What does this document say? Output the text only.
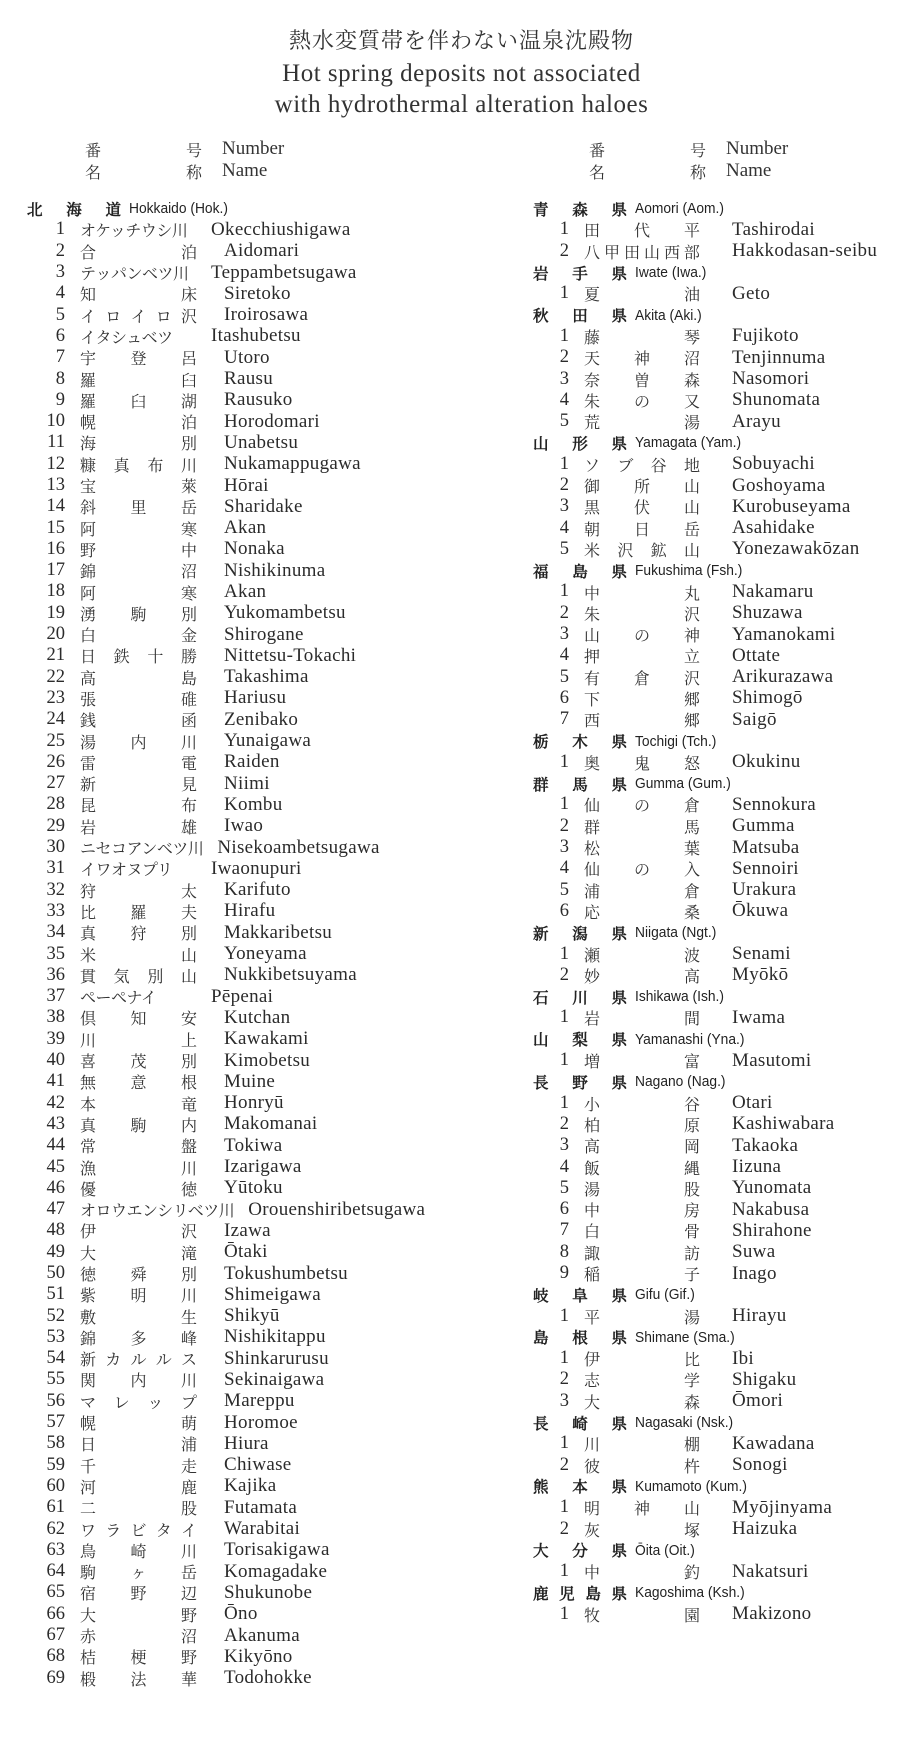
熱水変質帯を伴わない温泉沈殿物
Hot spring deposits not associated
with hydrothermal alteration haloes
番	号 Number
名	称 Name
北 海 道 Hokkaido (Hok.)
1 オケッチウシ川	Okecchiushigawa
2 合	泊 Aidomari
3 テッパンベツ川	Teppambetsugawa
4 知	床 Siretoko
5 イ ロ イ ロ 沢 Iroirosawa
6 イタシュベツ	Itashubetsu
7 宇 登 呂 Utoro
8 羅	臼 Rausu
9 羅 臼 湖 Rausuko
10 幌	泊 Horodomari
11 海	別 Unabetsu
12 糠 真 布 川 Nukamappugawa
13 宝	萊 Hōrai
14 斜 里 岳 Sharidake
15 阿	寒 Akan
16 野	中 Nonaka
17 錦	沼 Nishikinuma
18 阿	寒 Akan
19 湧 駒 別 Yukomambetsu
20 白	金 Shirogane
21 日 鉄 十 勝 Nittetsu-Tokachi
22 高	島 Takashima
23 張	碓 Hariusu
24 銭	函 Zenibako
25 湯 内 川 Yunaigawa
26 雷	電 Raiden
27 新	見 Niimi
28 昆	布 Kombu
29 岩	雄 Iwao
30 ニセコアンベツ川 Nisekoambetsugawa
31 イワオヌプリ	Iwaonupuri
32 狩	太 Karifuto
33 比 羅 夫 Hirafu
34 真 狩 別 Makkaribetsu
35 米	山 Yoneyama
36 貫 気 別 山 Nukkibetsuyama
37 ペーペナイ	Pēpenai
38 倶 知 安 Kutchan
39 川	上 Kawakami
40 喜 茂 別 Kimobetsu
41 無 意 根 Muine
42 本	竜 Honryū
43 真 駒 内 Makomanai
44 常	盤 Tokiwa
45 漁	川 Izarigawa
46 優	徳 Yūtoku
47 オロウエンシリベツ川 Orouenshiribetsugawa
48 伊	沢 Izawa
49 大	滝 Ōtaki
50 徳 舜 別 Tokushumbetsu
51 紫 明 川 Shimeigawa
52 敷	生 Shikyū
53 錦 多 峰 Nishikitappu
54 新 カ ル ル ス Shinkarurusu
55 関 内 川 Sekinaigawa
56 マ レ ッ プ Mareppu
57 幌	萌 Horomoe
58 日	浦 Hiura
59 千	走 Chiwase
60 河	鹿 Kajika
61 二	股 Futamata
62 ワ ラ ビ タ イ Warabitai
63 鳥 崎 川 Torisakigawa
64 駒 ヶ 岳 Komagadake
65 宿 野 辺 Shukunobe
66 大	野 Ōno
67 赤	沼 Akanuma
68 桔 梗 野 Kikyōno
69 椴 法 華 Todohokke
番	号 Number
名	称 Name
青 森 県 Aomori (Aom.)
1 田 代 平 Tashirodai
2 八 甲 田 山 西 部 Hakkodasan-seibu
岩 手 県 Iwate (Iwa.)
1 夏	油 Geto
秋 田 県 Akita (Aki.)
1 藤	琴 Fujikoto
2 天 神 沼 Tenjinnuma
3 奈 曽 森 Nasomori
4 朱 の 又 Shunomata
5 荒	湯 Arayu
山 形 県 Yamagata (Yam.)
1 ソ ブ 谷 地 Sobuyachi
2 御 所 山 Goshoyama
3 黒 伏 山 Kurobuseyama
4 朝 日 岳 Asahidake
5 米 沢 鉱 山 Yonezawakōzan
福 島 県 Fukushima (Fsh.)
1 中	丸 Nakamaru
2 朱	沢 Shuzawa
3 山 の 神 Yamanokami
4 押	立 Ottate
5 有 倉 沢 Arikurazawa
6 下	郷 Shimogō
7 西	郷 Saigō
栃 木 県 Tochigi (Tch.)
1 奥 鬼 怒 Okukinu
群 馬 県 Gumma (Gum.)
1 仙 の 倉 Sennokura
2 群	馬 Gumma
3 松	葉 Matsuba
4 仙 の 入 Sennoiri
5 浦	倉 Urakura
6 応	桑 Ōkuwa
新 潟 県 Niigata (Ngt.)
1 瀬	波 Senami
2 妙	高 Myōkō
石 川 県 Ishikawa (Ish.)
1 岩	間 Iwama
山 梨 県 Yamanashi (Yna.)
1 増	富 Masutomi
長 野 県 Nagano (Nag.)
1 小	谷 Otari
2 柏	原 Kashiwabara
3 高	岡 Takaoka
4 飯	縄 Iizuna
5 湯	股 Yunomata
6 中	房 Nakabusa
7 白	骨 Shirahone
8 諏	訪 Suwa
9 稲	子 Inago
岐 阜 県 Gifu (Gif.)
1 平	湯 Hirayu
島 根 県 Shimane (Sma.)
1 伊	比 Ibi
2 志	学 Shigaku
3 大	森 Ōmori
長 崎 県 Nagasaki (Nsk.)
1 川	棚 Kawadana
2 彼	杵 Sonogi
熊 本 県 Kumamoto (Kum.)
1 明 神 山 Myōjinyama
2 灰	塚 Haizuka
大 分 県 Ōita (Oit.)
1 中	釣 Nakatsuri
鹿 児 島 県 Kagoshima (Ksh.)
1 牧	園 Makizono
